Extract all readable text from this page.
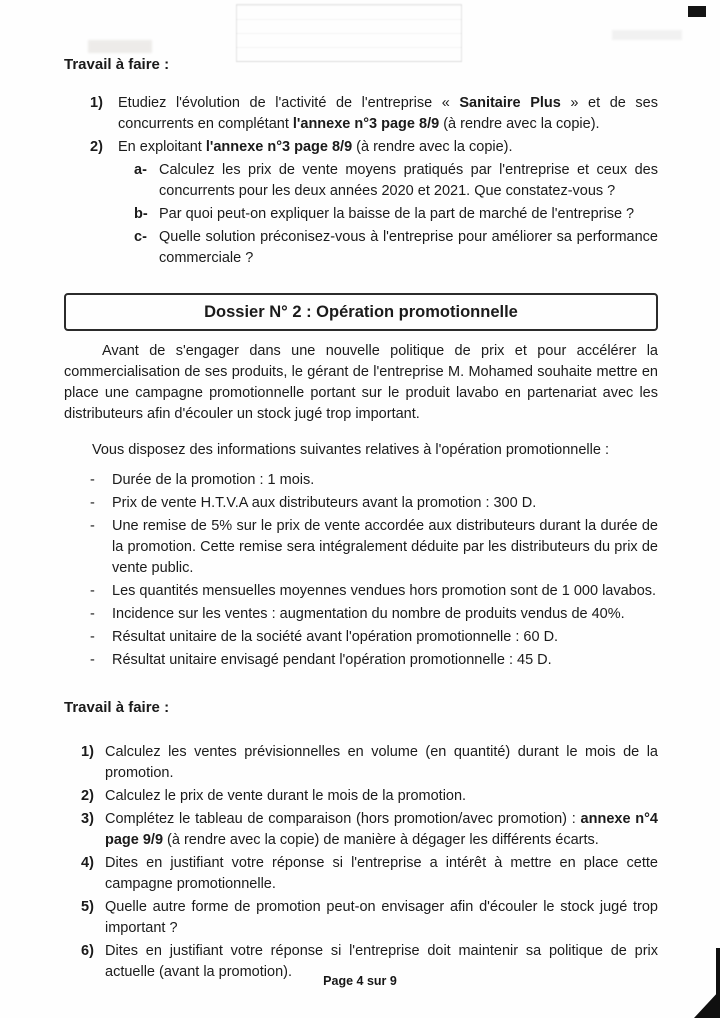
Travail à faire :
1)	Etudiez l'évolution de l'activité de l'entreprise « Sanitaire Plus » et de ses concurrents en complétant l'annexe n°3 page 8/9 (à rendre avec la copie).
2)	En exploitant l'annexe n°3 page 8/9 (à rendre avec la copie).
a- Calculez les prix de vente moyens pratiqués par l'entreprise et ceux des concurrents pour les deux années 2020 et 2021. Que constatez-vous ?
b- Par quoi peut-on expliquer la baisse de la part de marché de l'entreprise ?
c- Quelle solution préconisez-vous à l'entreprise pour améliorer sa performance commerciale ?
Dossier N° 2 : Opération promotionnelle
Avant de s'engager dans une nouvelle politique de prix et pour accélérer la commercialisation de ses produits, le gérant de l'entreprise M. Mohamed souhaite mettre en place une campagne promotionnelle portant sur le produit lavabo en partenariat avec les distributeurs afin d'écouler un stock jugé trop important.
Vous disposez des informations suivantes relatives à l'opération promotionnelle :
-	Durée de la promotion : 1 mois.
-	Prix de vente H.T.V.A aux distributeurs avant la promotion : 300 D.
-	Une remise de 5% sur le prix de vente accordée aux distributeurs durant la durée de la promotion. Cette remise sera intégralement déduite par les distributeurs du prix de vente public.
-	Les quantités mensuelles moyennes vendues hors promotion sont de 1 000 lavabos.
-	Incidence sur les ventes : augmentation du nombre de produits vendus de 40%.
-	Résultat unitaire de la société avant l'opération promotionnelle : 60 D.
-	Résultat unitaire envisagé pendant l'opération promotionnelle : 45 D.
Travail à faire :
1) Calculez les ventes prévisionnelles en volume (en quantité) durant le mois de la promotion.
2) Calculez le prix de vente durant le mois de la promotion.
3) Complétez le tableau de comparaison (hors promotion/avec promotion) : annexe n°4 page 9/9 (à rendre avec la copie) de manière à dégager les différents écarts.
4) Dites en justifiant votre réponse si l'entreprise a intérêt à mettre en place cette campagne promotionnelle.
5) Quelle autre forme de promotion peut-on envisager afin d'écouler le stock jugé trop important ?
6) Dites en justifiant votre réponse si l'entreprise doit maintenir sa politique de prix actuelle (avant la promotion).
Page 4 sur 9
